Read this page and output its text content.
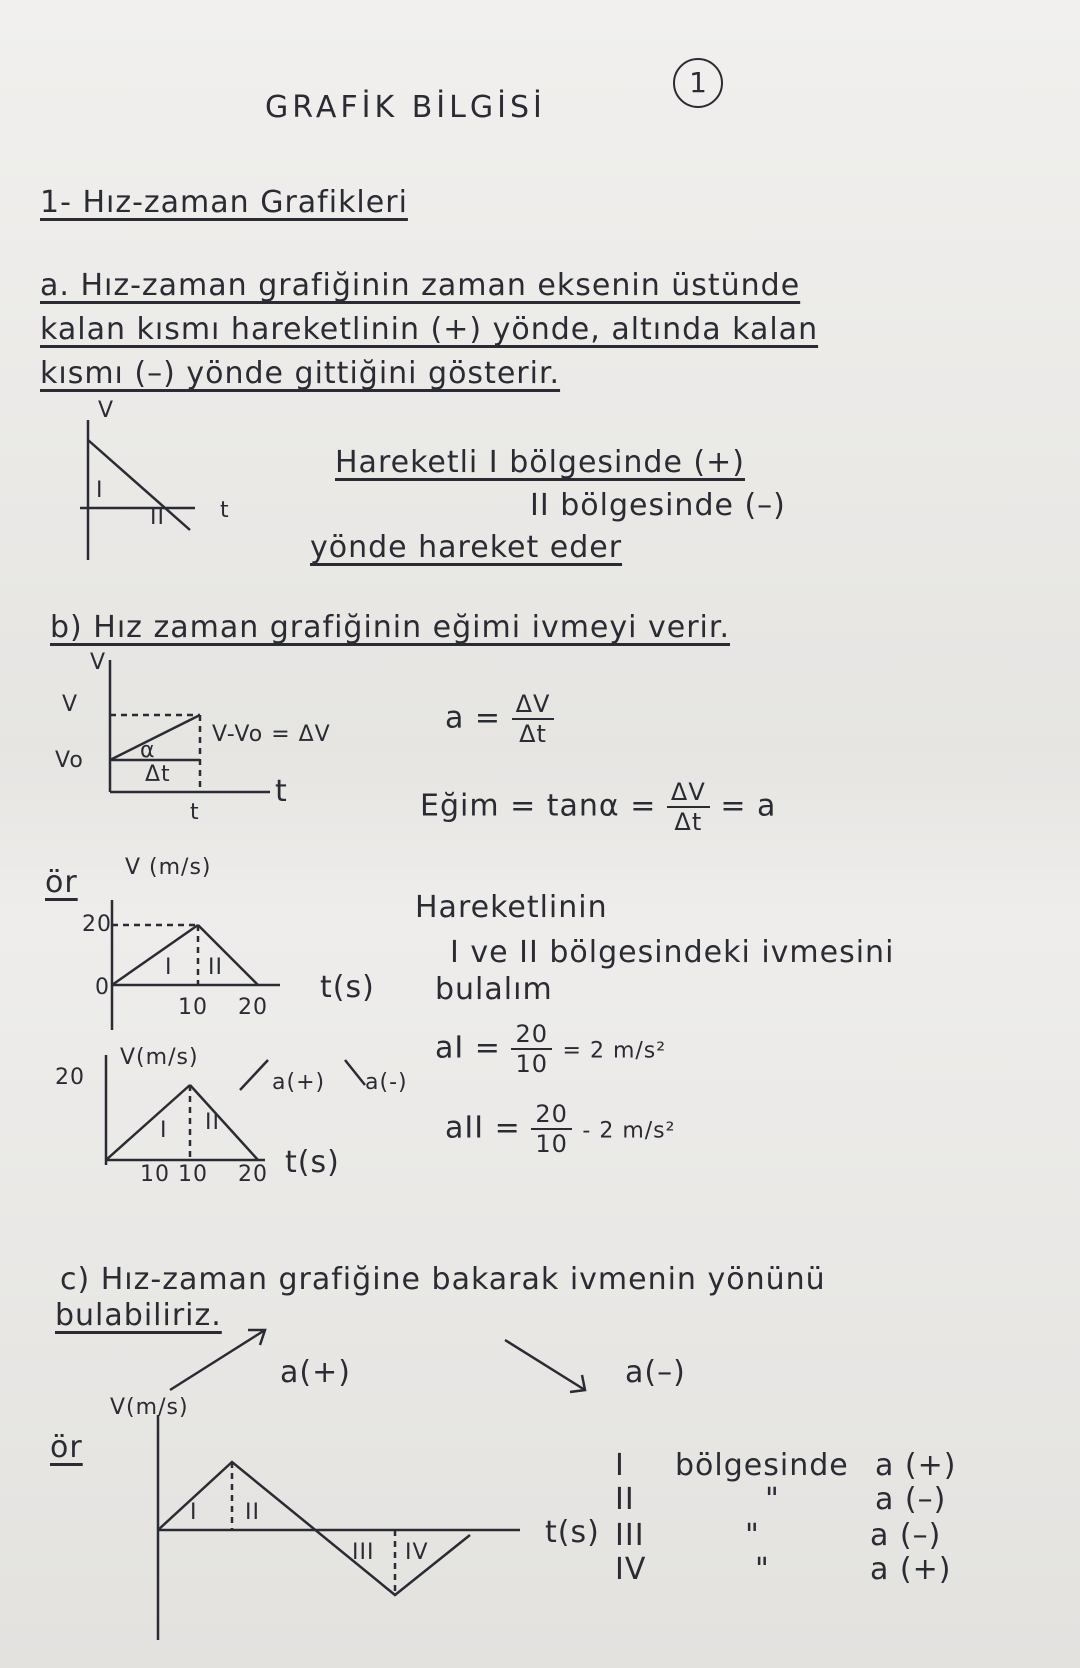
1
GRAFİK BİLGİSİ
1- Hız-zaman Grafikleri
a. Hız-zaman grafiğinin zaman eksenin üstünde
kalan kısmı hareketlinin (+) yönde, altında kalan
kısmı (–) yönde gittiğini gösterir.
V
t
I
II
Hareketli I bölgesinde (+)
II bölgesinde (–)
yönde hareket eder
b) Hız zaman grafiğinin eğimi ivmeyi verir.
V
V
Vo
V-Vo = ΔV
Δt
α
t
t
$a = \frac{\Delta V}{\Delta t}$
Eğim = $\tan\alpha = \frac{\Delta V}{\Delta t} = a$
ör V (m/s)
20
0
10 20
t(s)
I II
Hareketlinin
I ve II bölgesindeki ivmesini
bulalım
aI = $\frac{20}{10} = 2$ m/s²
aII = $\frac{20}{10} - 2$ m/s²
V(m/s)
20
10 10 20 t(s)
I II
a(+) a(-)
c) Hız-zaman grafiğine bakarak ivmenin yönünü
bulabiliriz.
a(+)	a(–)
ör
V(m/s)
t(s)
I II
III IV
I bölgesinde a (+)
II	"	a (–)
III	"	a (–)
IV	"	a (+)
